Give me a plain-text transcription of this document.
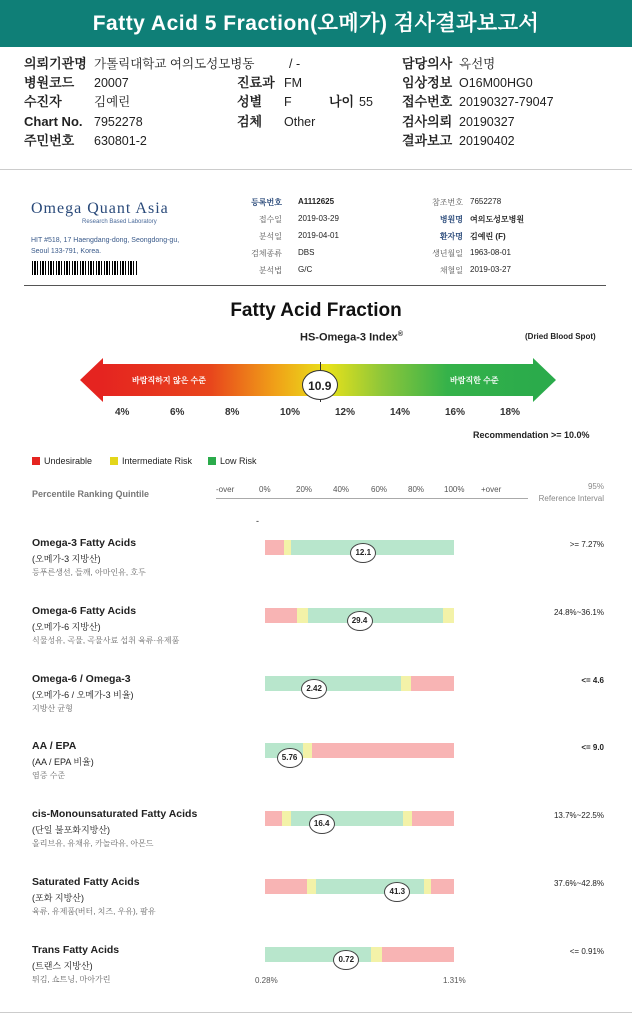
Fatty Acid 5 Fraction(오메가) 검사결과보고서
의뢰기관명 가톨릭대학교 여의도성모병동
병원코드 20007
수진자	김예린
Chart No. 7952278
주민번호 630801-2
/ -
진료과 FM
성별 F
검체 Other
나이 55
담당의사 옥선명
임상정보 O16M00HG0
접수번호 20190327-79047
검사의뢰 20190327
결과보고 20190402
Omega Quant Asia
Research Based Laboratory
HIT #518, 17 Haengdang-dong, Seongdong-gu,
Seoul 133-791, Korea.
등록번호 A1112625
접수일 2019-03-29
분석일 2019-04-01
검체종류 DBS
분석법 G/C
참조번호 7652278
병원명 여의도성모병원
환자명 김예린 (F)
생년월일 1963-08-01
채혈일 2019-03-27
Fatty Acid Fraction
HS-Omega-3 Index®	(Dried Blood Spot)
바람직하지 않은 수준	바람직한 수준
10.9
4%	6%	8%	10%	12%	14%	16%	18%
Recommendation >= 10.0%
Undesirable	Intermediate Risk	Low Risk
Percentile Ranking Quintile	-over	0%	20%	40%	60%	80% 100% +over	95%
Reference Interval
-
Omega-3 Fatty Acids
(오메가-3 지방산)
등푸른생선, 들깨, 아마인유, 호두
12.1
>= 7.27%
Omega-6 Fatty Acids
(오메가-6 지방산)
식물성유, 곡물, 곡물사료 섭취 육류·유제품
29.4
24.8%~36.1%
Omega-6 / Omega-3
(오메가-6 / 오메가-3 비율)
지방산 균형
2.42
<= 4.6
AA / EPA
(AA / EPA 비율)
염증 수준
5.76
<= 9.0
cis-Monounsaturated Fatty Acids
(단일 불포화지방산)
올리브유, 유채유, 카놀라유, 아몬드
16.4
13.7%~22.5%
Saturated Fatty Acids
(포화 지방산)
육류, 유제품(버터, 치즈, 우유), 팜유
41.3
37.6%~42.8%
Trans Fatty Acids
(트랜스 지방산)
튀김, 쇼트닝, 마아가린
0.72
<= 0.91%
0.28%	1.31%
